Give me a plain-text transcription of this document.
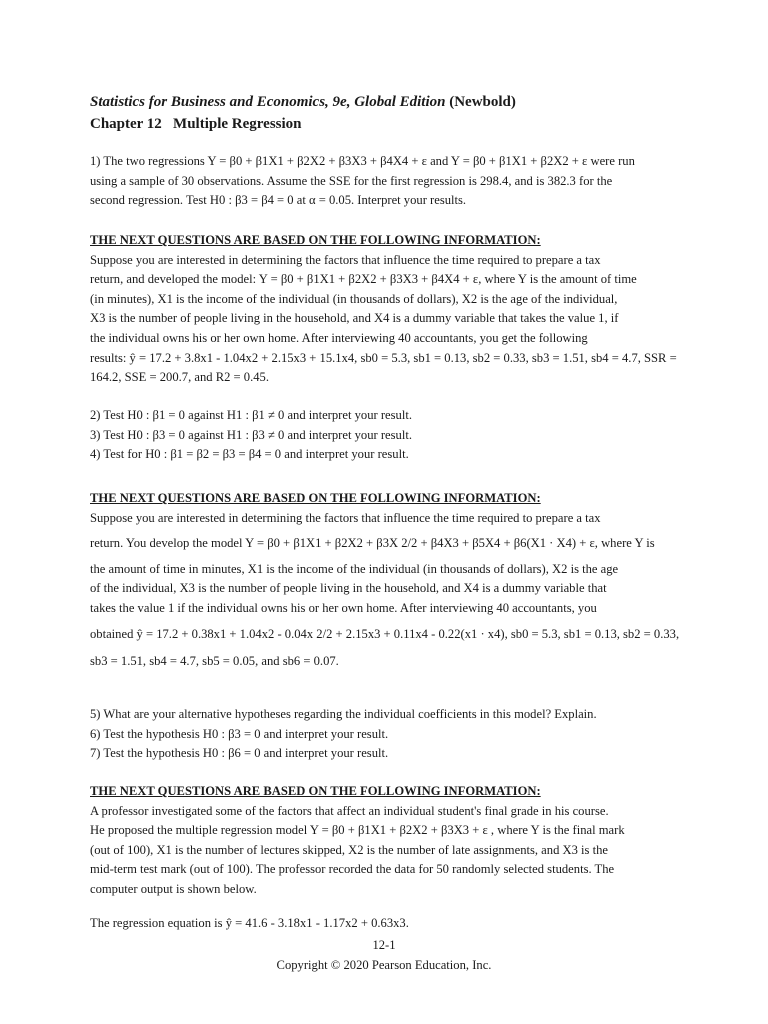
Statistics for Business and Economics, 9e, Global Edition (Newbold)
Chapter 12   Multiple Regression

1) The two regressions Y = β0 + β1X1 + β2X2 + β3X3 + β4X4 + ε and Y = β0 + β1X1 + β2X2 + ε were run

using a sample of 30 observations. Assume the SSE for the first regression is 298.4, and is 382.3 for the

second regression. Test H0 : β3 = β4 = 0 at α = 0.05. Interpret your results.

THE NEXT QUESTIONS ARE BASED ON THE FOLLOWING INFORMATION:

Suppose you are interested in determining the factors that influence the time required to prepare a tax

return, and developed the model: Y = β0 + β1X1 + β2X2 + β3X3 + β4X4 + ε, where Y is the amount of time

(in minutes), X1 is the income of the individual (in thousands of dollars), X2 is the age of the individual,

X3 is the number of people living in the household, and X4 is a dummy variable that takes the value 1, if

the individual owns his or her own home. After interviewing 40 accountants, you get the following

results: ŷ = 17.2 + 3.8x1 - 1.04x2 + 2.15x3 + 15.1x4, sb0 = 5.3, sb1 = 0.13, sb2 = 0.33, sb3 = 1.51, sb4 = 4.7, SSR =

164.2, SSE = 200.7, and R2 = 0.45.

2) Test H0 : β1 = 0 against H1 : β1 ≠ 0 and interpret your result.

3) Test H0 : β3 = 0 against H1 : β3 ≠ 0 and interpret your result.

4) Test for H0 : β1 = β2 = β3 = β4 = 0 and interpret your result.

THE NEXT QUESTIONS ARE BASED ON THE FOLLOWING INFORMATION:

Suppose you are interested in determining the factors that influence the time required to prepare a tax

return. You develop the model Y = β0 + β1X1 + β2X2 + β3X 2/2 + β4X3 + β5X4 + β6(X1 · X4) + ε, where Y is

the amount of time in minutes, X1 is the income of the individual (in thousands of dollars), X2 is the age

of the individual, X3 is the number of people living in the household, and X4 is a dummy variable that

takes the value 1 if the individual owns his or her own home. After interviewing 40 accountants, you

obtained ŷ = 17.2 + 0.38x1 + 1.04x2 - 0.04x 2/2 + 2.15x3 + 0.11x4 - 0.22(x1 · x4), sb0 = 5.3, sb1 = 0.13, sb2 = 0.33,

sb3 = 1.51, sb4 = 4.7, sb5 = 0.05, and sb6 = 0.07.

5) What are your alternative hypotheses regarding the individual coefficients in this model? Explain.

6) Test the hypothesis H0 : β3 = 0 and interpret your result.

7) Test the hypothesis H0 : β6 = 0 and interpret your result.

THE NEXT QUESTIONS ARE BASED ON THE FOLLOWING INFORMATION:

A professor investigated some of the factors that affect an individual student's final grade in his course.

He proposed the multiple regression model Y = β0 + β1X1 + β2X2 + β3X3 + ε , where Y is the final mark

(out of 100), X1 is the number of lectures skipped, X2 is the number of late assignments, and X3 is the

mid-term test mark (out of 100). The professor recorded the data for 50 randomly selected students. The

computer output is shown below.

The regression equation is ŷ = 41.6 - 3.18x1 - 1.17x2 + 0.63x3.

12-1
Copyright © 2020 Pearson Education, Inc.
